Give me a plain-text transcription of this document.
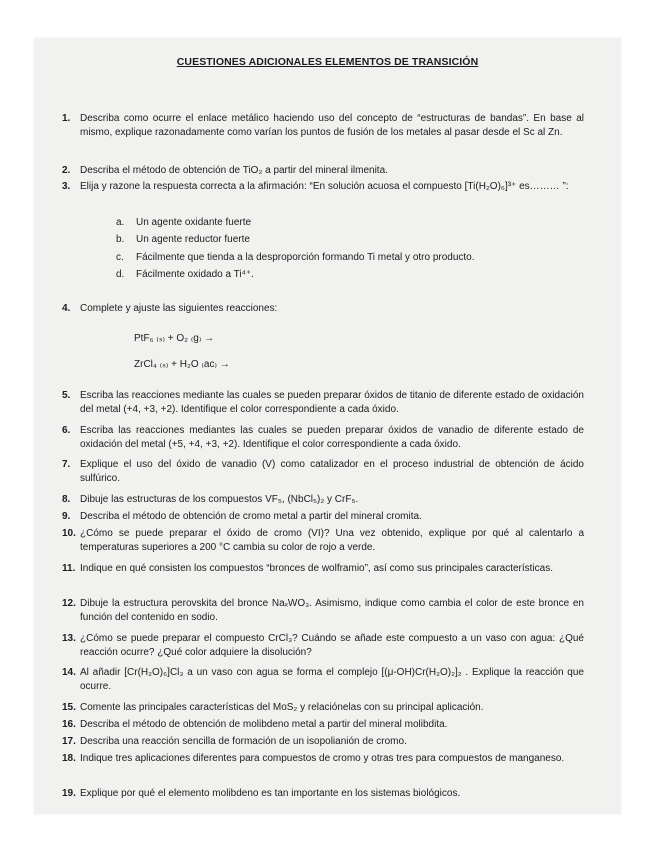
CUESTIONES ADICIONALES ELEMENTOS DE TRANSICIÓN
1. Describa como ocurre el enlace metálico haciendo uso del concepto de “estructuras de bandas”. En base al mismo, explique razonadamente como varían los puntos de fusión de los metales al pasar desde el Sc al Zn.
2. Describa el método de obtención de TiO₂ a partir del mineral ilmenita.
3. Elija y razone la respuesta correcta a la afirmación: “En solución acuosa el compuesto [Ti(H₂O)₆]³⁺ es……… ”:
a. Un agente oxidante fuerte
b. Un agente reductor fuerte
c. Fácilmente que tienda a la desproporción formando Ti metal y otro producto.
d. Fácilmente oxidado a Ti⁴⁺.
4. Complete y ajuste las siguientes reacciones:
PtF₆ ₍ₛ₎ + O₂ ₍g₎ →
ZrCl₄ ₍ₛ₎ + H₂O ₍ac₎ →
5. Escriba las reacciones mediante las cuales se pueden preparar óxidos de titanio de diferente estado de oxidación del metal (+4, +3, +2). Identifique el color correspondiente a cada óxido.
6. Escriba las reacciones mediantes las cuales se pueden preparar óxidos de vanadio de diferente estado de oxidación del metal (+5, +4, +3, +2). Identifique el color correspondiente a cada óxido.
7. Explique el uso del óxido de vanadio (V) como catalizador en el proceso industrial de obtención de ácido sulfúrico.
8. Dibuje las estructuras de los compuestos VF₅, (NbCl₅)₂ y CrF₅.
9. Describa el método de obtención de cromo metal a partir del mineral cromita.
10. ¿Cómo se puede preparar el óxido de cromo (VI)? Una vez obtenido, explique por qué al calentarlo a temperaturas superiores a 200 °C cambia su color de rojo a verde.
11. Indique en qué consisten los compuestos “bronces de wolframio”, así como sus principales características.
12. Dibuje la estructura perovskita del bronce NaₓWO₃. Asimismo, indique como cambia el color de este bronce en función del contenido en sodio.
13. ¿Cómo se puede preparar el compuesto CrCl₃? Cuándo se añade este compuesto a un vaso con agua: ¿Qué reacción ocurre? ¿Qué color adquiere la disolución?
14. Al añadir [Cr(H₂O)₆]Cl₃ a un vaso con agua se forma el complejo [(μ-OH)Cr(H₂O)₂]₂ . Explique la reacción que ocurre.
15. Comente las principales características del MoS₂ y relaciónelas con su principal aplicación.
16. Describa el método de obtención de molibdeno metal a partir del mineral molibdita.
17. Describa una reacción sencilla de formación de un isopolianión de cromo.
18. Indique tres aplicaciones diferentes para compuestos de cromo y otras tres para compuestos de manganeso.
19. Explique por qué el elemento molibdeno es tan importante en los sistemas biológicos.
